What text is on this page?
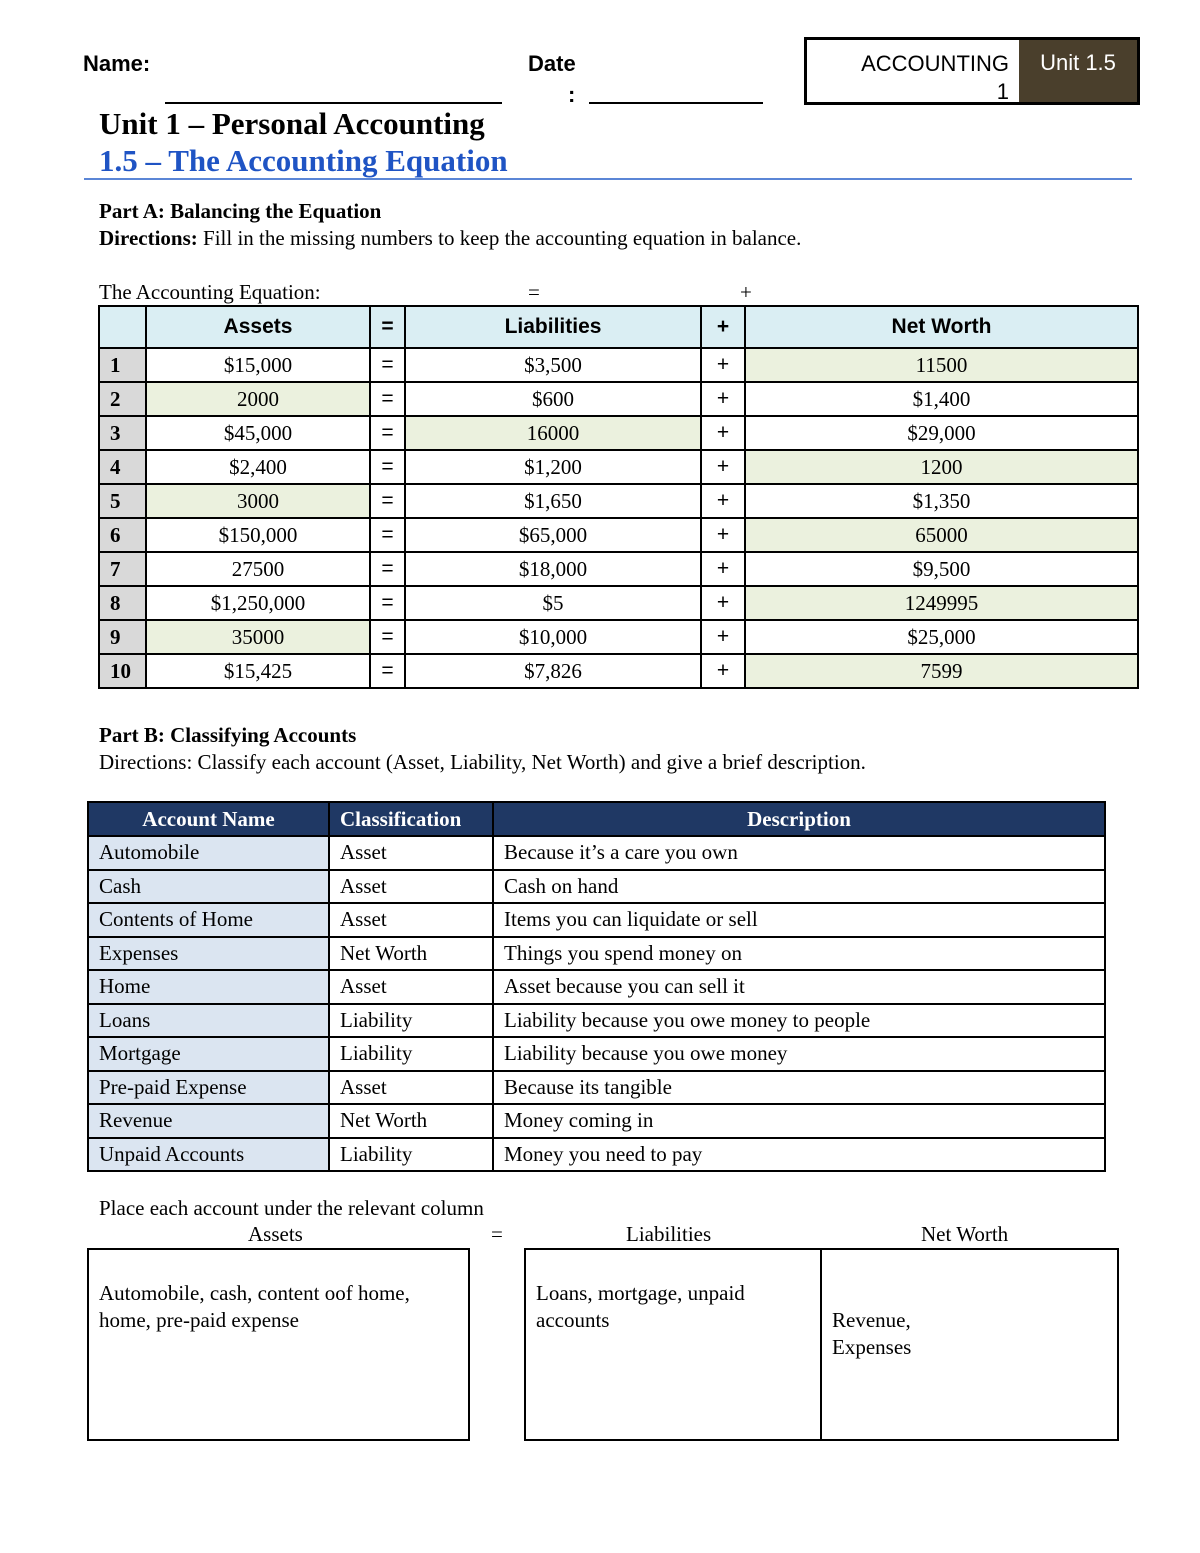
Name:	Date
:
ACCOUNTING
1
Unit 1.5
Unit 1 – Personal Accounting
1.5 – The Accounting Equation
Part A: Balancing the Equation
Directions: Fill in the missing numbers to keep the accounting equation in balance.
The Accounting Equation:	=	+
	Assets	=	Liabilities	+	Net Worth
1	$15,000	=	$3,500	+	11500
2	2000	=	$600	+	$1,400
3	$45,000	=	16000	+	$29,000
4	$2,400	=	$1,200	+	1200
5	3000	=	$1,650	+	$1,350
6	$150,000	=	$65,000	+	65000
7	27500	=	$18,000	+	$9,500
8	$1,250,000	=	$5	+	1249995
9	35000	=	$10,000	+	$25,000
10	$15,425	=	$7,826	+	7599
Part B: Classifying Accounts
Directions: Classify each account (Asset, Liability, Net Worth) and give a brief description.
Account Name	Classification	Description
Automobile	Asset	Because it’s a care you own
Cash	Asset	Cash on hand
Contents of Home	Asset	Items you can liquidate or sell
Expenses	Net Worth	Things you spend money on
Home	Asset	Asset because you can sell it
Loans	Liability	Liability because you owe money to people
Mortgage	Liability	Liability because you owe money
Pre-paid Expense	Asset	Because its tangible
Revenue	Net Worth	Money coming in
Unpaid Accounts	Liability	Money you need to pay
Place each account under the relevant column
Assets	=	Liabilities	Net Worth
Automobile, cash, content oof home, home, pre-paid expense
Loans, mortgage, unpaid accounts	Revenue,
Expenses
